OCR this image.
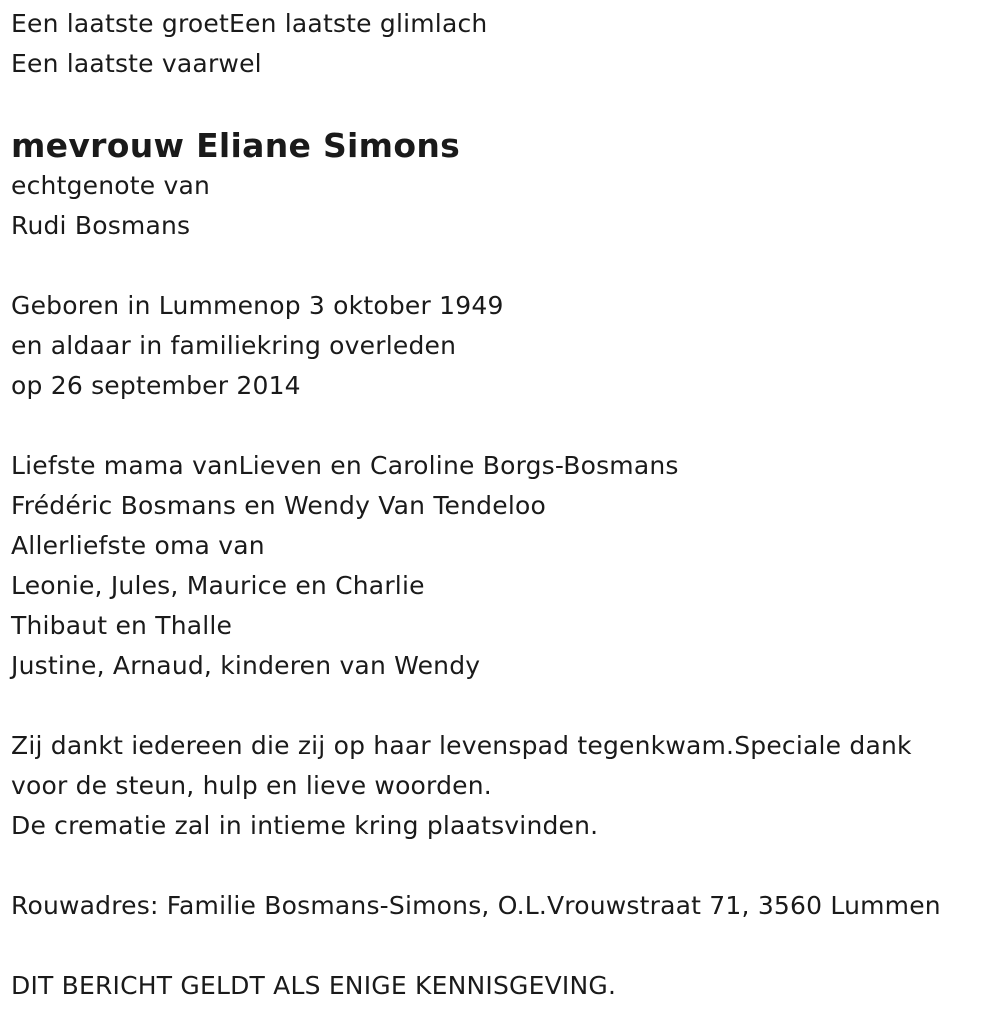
Een laatste groetEen laatste glimlach
Een laatste vaarwel
mevrouw Eliane Simons
echtgenote van
Rudi Bosmans
Geboren in Lummenop 3 oktober 1949
en aldaar in familiekring overleden
op 26 september 2014
Liefste mama vanLieven en Caroline Borgs-Bosmans
Frédéric Bosmans en Wendy Van Tendeloo
Allerliefste oma van
Leonie, Jules, Maurice en Charlie
Thibaut en Thalle
Justine, Arnaud, kinderen van Wendy
Zij dankt iedereen die zij op haar levenspad tegenkwam.Speciale dank
voor de steun, hulp en lieve woorden.
De crematie zal in intieme kring plaatsvinden.
Rouwadres: Familie Bosmans-Simons, O.L.Vrouwstraat 71, 3560 Lummen
DIT BERICHT GELDT ALS ENIGE KENNISGEVING.
